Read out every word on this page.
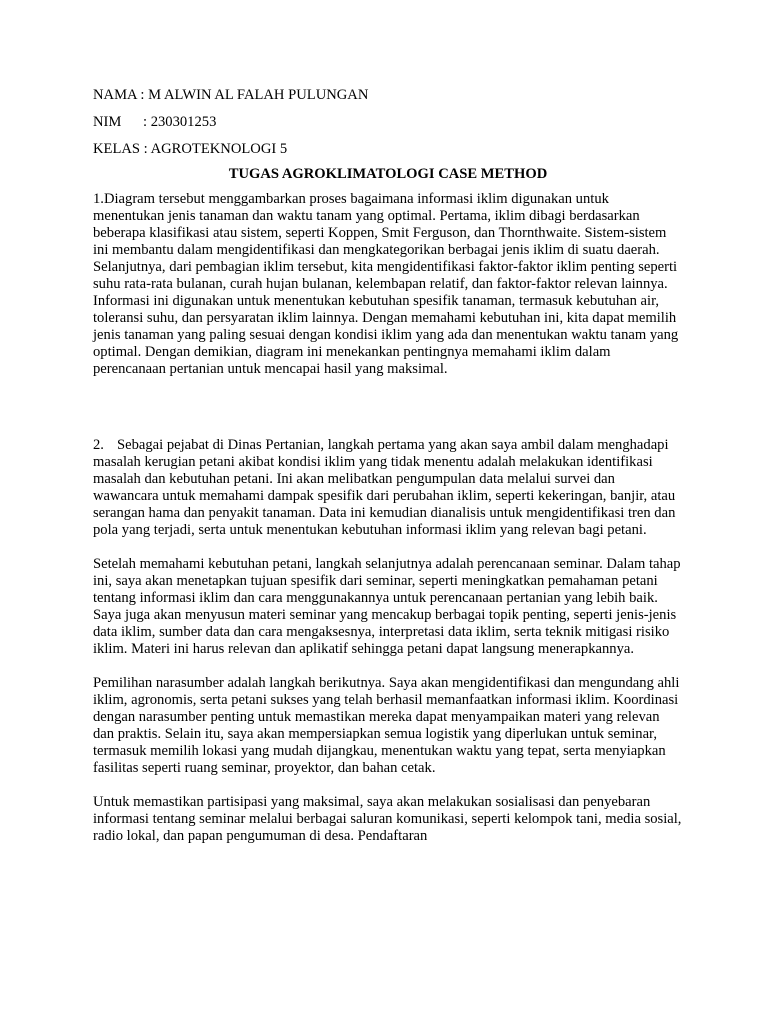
NAMA : M ALWIN AL FALAH PULUNGAN
NIM : 230301253
KELAS : AGROTEKNOLOGI 5
TUGAS AGROKLIMATOLOGI CASE METHOD

1.Diagram tersebut menggambarkan proses bagaimana informasi iklim digunakan untuk menentukan jenis tanaman dan waktu tanam yang optimal. Pertama, iklim dibagi berdasarkan beberapa klasifikasi atau sistem, seperti Koppen, Smit Ferguson, dan Thornthwaite. Sistem-sistem ini membantu dalam mengidentifikasi dan mengkategorikan berbagai jenis iklim di suatu daerah. Selanjutnya, dari pembagian iklim tersebut, kita mengidentifikasi faktor-faktor iklim penting seperti suhu rata-rata bulanan, curah hujan bulanan, kelembapan relatif, dan faktor-faktor relevan lainnya. Informasi ini digunakan untuk menentukan kebutuhan spesifik tanaman, termasuk kebutuhan air, toleransi suhu, dan persyaratan iklim lainnya. Dengan memahami kebutuhan ini, kita dapat memilih jenis tanaman yang paling sesuai dengan kondisi iklim yang ada dan menentukan waktu tanam yang optimal. Dengan demikian, diagram ini menekankan pentingnya memahami iklim dalam perencanaan pertanian untuk mencapai hasil yang maksimal.

2. Sebagai pejabat di Dinas Pertanian, langkah pertama yang akan saya ambil dalam menghadapi masalah kerugian petani akibat kondisi iklim yang tidak menentu adalah melakukan identifikasi masalah dan kebutuhan petani. Ini akan melibatkan pengumpulan data melalui survei dan wawancara untuk memahami dampak spesifik dari perubahan iklim, seperti kekeringan, banjir, atau serangan hama dan penyakit tanaman. Data ini kemudian dianalisis untuk mengidentifikasi tren dan pola yang terjadi, serta untuk menentukan kebutuhan informasi iklim yang relevan bagi petani.

Setelah memahami kebutuhan petani, langkah selanjutnya adalah perencanaan seminar. Dalam tahap ini, saya akan menetapkan tujuan spesifik dari seminar, seperti meningkatkan pemahaman petani tentang informasi iklim dan cara menggunakannya untuk perencanaan pertanian yang lebih baik. Saya juga akan menyusun materi seminar yang mencakup berbagai topik penting, seperti jenis-jenis data iklim, sumber data dan cara mengaksesnya, interpretasi data iklim, serta teknik mitigasi risiko iklim. Materi ini harus relevan dan aplikatif sehingga petani dapat langsung menerapkannya.

Pemilihan narasumber adalah langkah berikutnya. Saya akan mengidentifikasi dan mengundang ahli iklim, agronomis, serta petani sukses yang telah berhasil memanfaatkan informasi iklim. Koordinasi dengan narasumber penting untuk memastikan mereka dapat menyampaikan materi yang relevan dan praktis. Selain itu, saya akan mempersiapkan semua logistik yang diperlukan untuk seminar, termasuk memilih lokasi yang mudah dijangkau, menentukan waktu yang tepat, serta menyiapkan fasilitas seperti ruang seminar, proyektor, dan bahan cetak.

Untuk memastikan partisipasi yang maksimal, saya akan melakukan sosialisasi dan penyebaran informasi tentang seminar melalui berbagai saluran komunikasi, seperti kelompok tani, media sosial, radio lokal, dan papan pengumuman di desa. Pendaftaran
